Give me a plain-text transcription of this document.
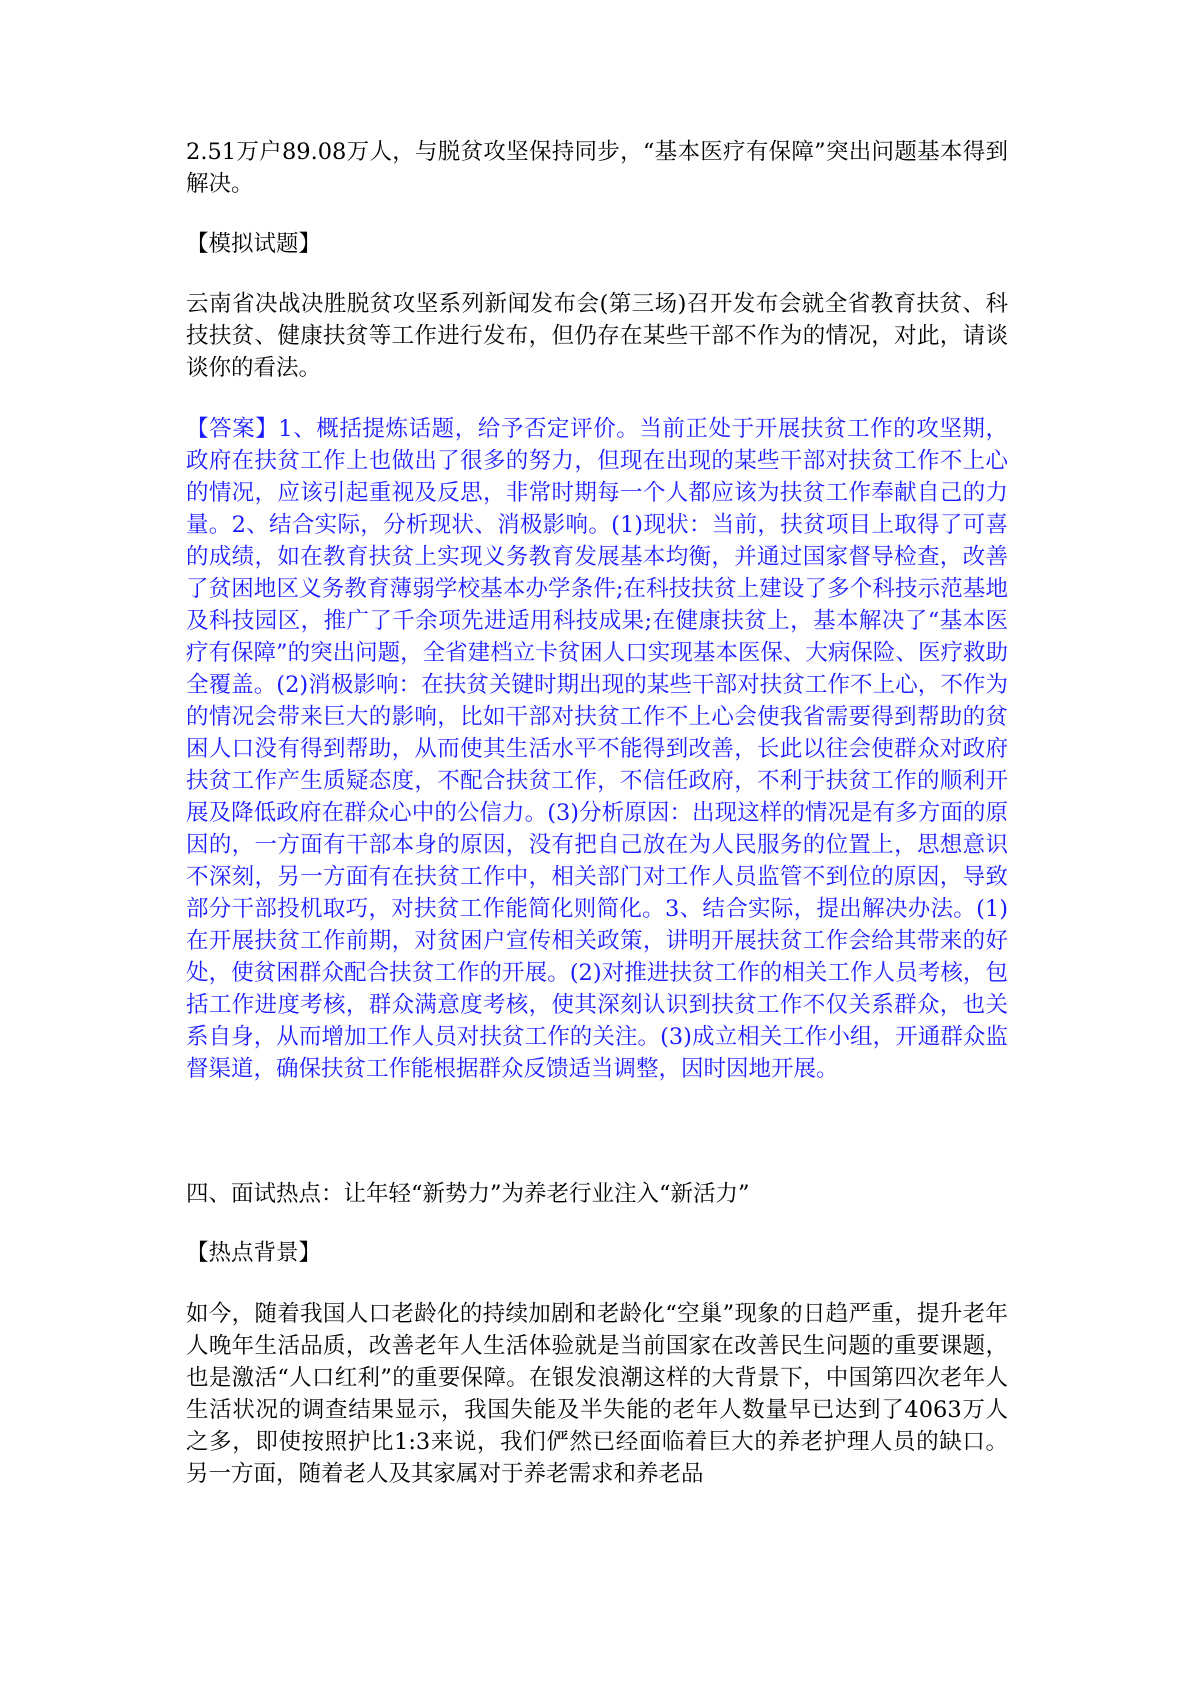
2.51万户89.08万人，与脱贫攻坚保持同步，“基本医疗有保障”突出问题基本得到解决。

【模拟试题】

云南省决战决胜脱贫攻坚系列新闻发布会(第三场)召开发布会就全省教育扶贫、科技扶贫、健康扶贫等工作进行发布，但仍存在某些干部不作为的情况，对此，请谈谈你的看法。

【答案】1、概括提炼话题，给予否定评价。当前正处于开展扶贫工作的攻坚期，政府在扶贫工作上也做出了很多的努力，但现在出现的某些干部对扶贫工作不上心的情况，应该引起重视及反思，非常时期每一个人都应该为扶贫工作奉献自己的力量。2、结合实际，分析现状、消极影响。(1)现状：当前，扶贫项目上取得了可喜的成绩，如在教育扶贫上实现义务教育发展基本均衡，并通过国家督导检查，改善了贫困地区义务教育薄弱学校基本办学条件;在科技扶贫上建设了多个科技示范基地及科技园区，推广了千余项先进适用科技成果;在健康扶贫上，基本解决了“基本医疗有保障”的突出问题，全省建档立卡贫困人口实现基本医保、大病保险、医疗救助全覆盖。(2)消极影响：在扶贫关键时期出现的某些干部对扶贫工作不上心，不作为的情况会带来巨大的影响，比如干部对扶贫工作不上心会使我省需要得到帮助的贫困人口没有得到帮助，从而使其生活水平不能得到改善，长此以往会使群众对政府扶贫工作产生质疑态度，不配合扶贫工作，不信任政府，不利于扶贫工作的顺利开展及降低政府在群众心中的公信力。(3)分析原因：出现这样的情况是有多方面的原因的，一方面有干部本身的原因，没有把自己放在为人民服务的位置上，思想意识不深刻，另一方面有在扶贫工作中，相关部门对工作人员监管不到位的原因，导致部分干部投机取巧，对扶贫工作能简化则简化。3、结合实际，提出解决办法。(1)在开展扶贫工作前期，对贫困户宣传相关政策，讲明开展扶贫工作会给其带来的好处，使贫困群众配合扶贫工作的开展。(2)对推进扶贫工作的相关工作人员考核，包括工作进度考核，群众满意度考核，使其深刻认识到扶贫工作不仅关系群众，也关系自身，从而增加工作人员对扶贫工作的关注。(3)成立相关工作小组，开通群众监督渠道，确保扶贫工作能根据群众反馈适当调整，因时因地开展。

四、面试热点：让年轻“新势力”为养老行业注入“新活力”

【热点背景】

如今，随着我国人口老龄化的持续加剧和老龄化“空巢”现象的日趋严重，提升老年人晚年生活品质，改善老年人生活体验就是当前国家在改善民生问题的重要课题，也是激活“人口红利”的重要保障。在银发浪潮这样的大背景下，中国第四次老年人生活状况的调查结果显示，我国失能及半失能的老年人数量早已达到了4063万人之多，即使按照护比1:3来说，我们俨然已经面临着巨大的养老护理人员的缺口。另一方面，随着老人及其家属对于养老需求和养老品
